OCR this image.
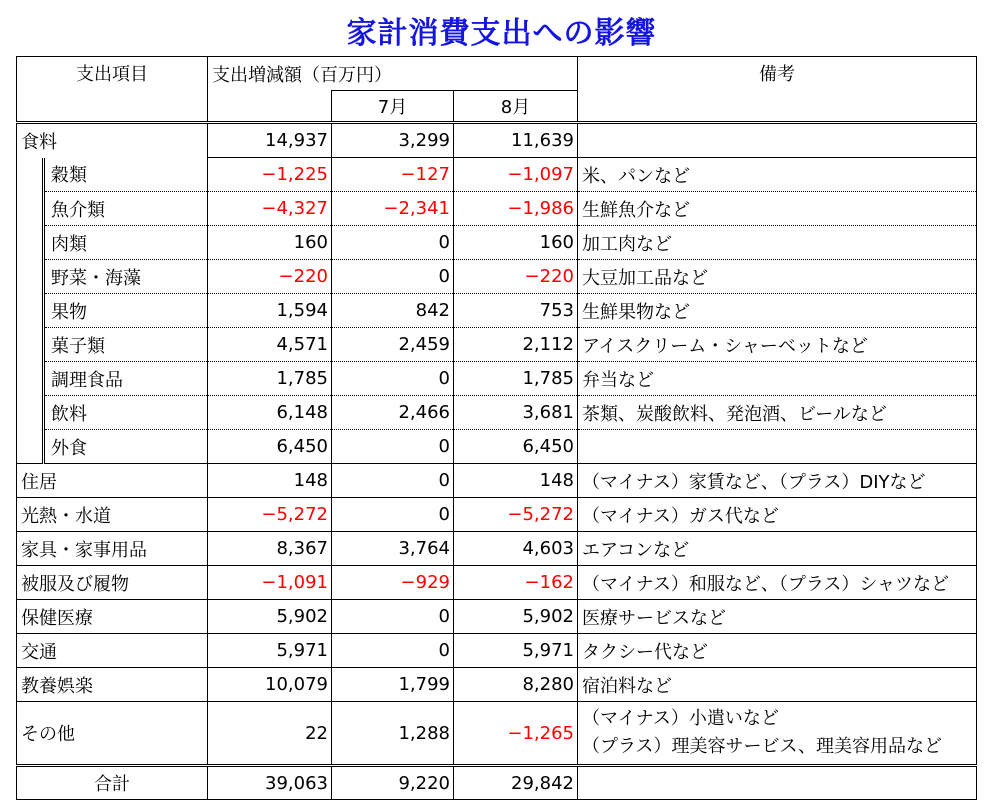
家計消費支出への影響
支出項目		支出増減額（百万円）			備考
			7月	8月	
食料		14,937	3,299	11,639	
	穀類	−1,225	−127	−1,097	米、パンなど
	魚介類	−4,327	−2,341	−1,986	生鮮魚介など
	肉類	160	0	160	加工肉など
	野菜・海藻	−220	0	−220	大豆加工品など
	果物	1,594	842	753	生鮮果物など
	菓子類	4,571	2,459	2,112	アイスクリーム・シャーベットなど
	調理食品	1,785	0	1,785	弁当など
	飲料	6,148	2,466	3,681	茶類、炭酸飲料、発泡酒、ビールなど
	外食	6,450	0	6,450	
住居		148	0	148	（マイナス）家賃など、（プラス）DIYなど
光熱・水道		−5,272	0	−5,272	（マイナス）ガス代など
家具・家事用品		8,367	3,764	4,603	エアコンなど
被服及び履物		−1,091	−929	−162	（マイナス）和服など、（プラス）シャツなど
保健医療		5,902	0	5,902	医療サービスなど
交通		5,971	0	5,971	タクシー代など
教養娯楽		10,079	1,799	8,280	宿泊料など
その他		22	1,288	−1,265	（マイナス）小遣いなど
（プラス）理美容サービス、理美容用品など

合計		39,063	9,220	29,842	
